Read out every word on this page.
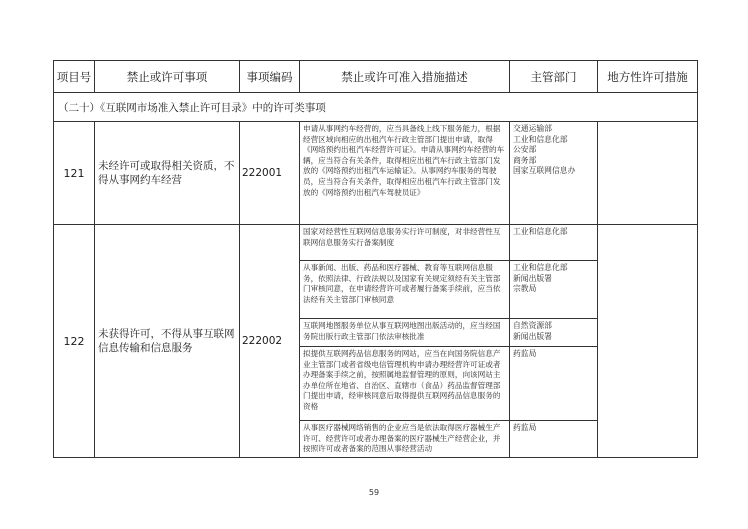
项目号	禁止或许可事项	事项编码	禁止或许可准入措施描述	主管部门	地方性许可措施
（二十）《互联网市场准入禁止许可目录》中的许可类事项					
121	未经许可或取得相关资质，不得从事网约车经营	222001	申请从事网约车经营的，应当具备线上线下服务能力，根据经营区域向相应的出租汽车行政主管部门提出申请，取得《网络预约出租汽车经营许可证》。申请从事网约车经营的车辆，应当符合有关条件，取得相应出租汽车行政主管部门发放的《网络预约出租汽车运输证》。从事网约车服务的驾驶员，应当符合有关条件，取得相应出租汽车行政主管部门发放的《网络预约出租汽车驾驶员证》	交通运输部
工业和信息化部
公安部
商务部
国家互联网信息办	
122	未获得许可，不得从事互联网信息传输和信息服务	222002	国家对经营性互联网信息服务实行许可制度，对非经营性互联网信息服务实行备案制度	工业和信息化部	
			从事新闻、出版、药品和医疗器械、教育等互联网信息服务，依照法律、行政法规以及国家有关规定须经有关主管部门审核同意，在申请经营许可或者履行备案手续前，应当依法经有关主管部门审核同意	工业和信息化部
新闻出版署
宗教局	
			互联网地图服务单位从事互联网地图出版活动的，应当经国务院出版行政主管部门依法审核批准	自然资源部
新闻出版署	
			拟提供互联网药品信息服务的网站，应当在向国务院信息产业主管部门或者省级电信管理机构申请办理经营许可证或者办理备案手续之前，按照属地监督管理的原则，向该网站主办单位所在地省、自治区、直辖市（食品）药品监督管理部门提出申请，经审核同意后取得提供互联网药品信息服务的资格	药监局	
			从事医疗器械网络销售的企业应当是依法取得医疗器械生产许可、经营许可或者办理备案的医疗器械生产经营企业，并按照许可或者备案的范围从事经营活动	药监局	
59
